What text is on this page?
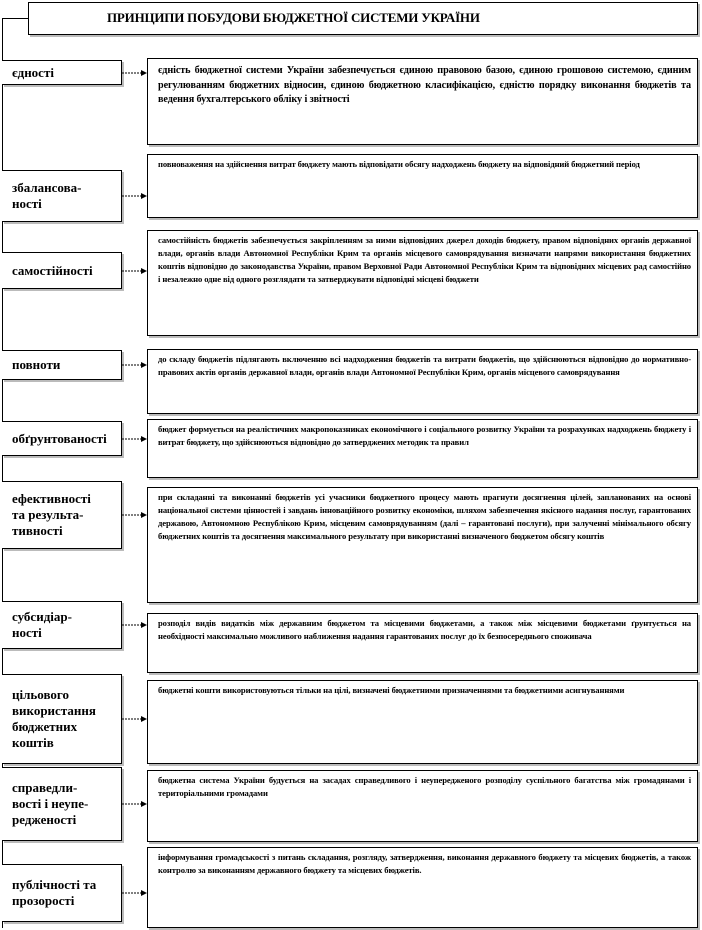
ПРИНЦИПИ ПОБУДОВИ БЮДЖЕТНОЇ СИСТЕМИ УКРАЇНИ
єдності	єдність бюджетної системи України забезпечується єдиною правовою базою, єдиною грошовою системою, єдиним регулюванням бюджетних відносин, єдиною бюджетною класифікацією, єдністю порядку виконання бюджетів та ведення бухгалтерського обліку і звітності
збалансова-
ності
повноваження на здійснення витрат бюджету мають відповідати обсягу надходжень бюджету на відповідний бюджетний період
самостійності
самостійність бюджетів забезпечується закріпленням за ними відповідних джерел доходів бюджету, правом відповідних органів державної влади, органів влади Автономної Республіки Крим та органів місцевого самоврядування визначати напрями використання бюджетних коштів відповідно до законодавства України, правом Верховної Ради Автономної Республіки Крим та відповідних місцевих рад самостійно і незалежно одне від одного розглядати та затверджувати відповідні місцеві бюджети
повноти	до складу бюджетів підлягають включенню всі надходження бюджетів та витрати бюджетів, що здійснюються відповідно до нормативно-правових актів органів державної влади, органів влади Автономної Республіки Крим, органів місцевого самоврядування
обґрунтованості
бюджет формується на реалістичних макропоказниках економічного і соціального розвитку України та розрахунках надходжень бюджету і витрат бюджету, що здійснюються відповідно до затверджених методик та правил
ефективності
та результа-
тивності
при складанні та виконанні бюджетів усі учасники бюджетного процесу мають прагнути досягнення цілей, запланованих на основі національної системи цінностей і завдань інноваційного розвитку економіки, шляхом забезпечення якісного надання послуг, гарантованих державою, Автономною Республікою Крим, місцевим самоврядуванням (далі – гарантовані послуги), при залученні мінімального обсягу бюджетних коштів та досягнення максимального результату при використанні визначеного бюджетом обсягу коштів
субсидіар-
ності
розподіл видів видатків між державним бюджетом та місцевими бюджетами, а також між місцевими бюджетами ґрунтується на необхідності максимально можливого наближення надання гарантованих послуг до їх безпосереднього споживача
цільового
використання
бюджетних
коштів
бюджетні кошти використовуються тільки на цілі, визначені бюджетними призначеннями та бюджетними асигнуваннями
справедли-
вості і неупе-
редженості
бюджетна система України будується на засадах справедливого і неупередженого розподілу суспільного багатства між громадянами і територіальними громадами
публічності та
прозорості
інформування громадськості з питань складання, розгляду, затвердження, виконання державного бюджету та місцевих бюджетів, а також контролю за виконанням державного бюджету та місцевих бюджетів.
